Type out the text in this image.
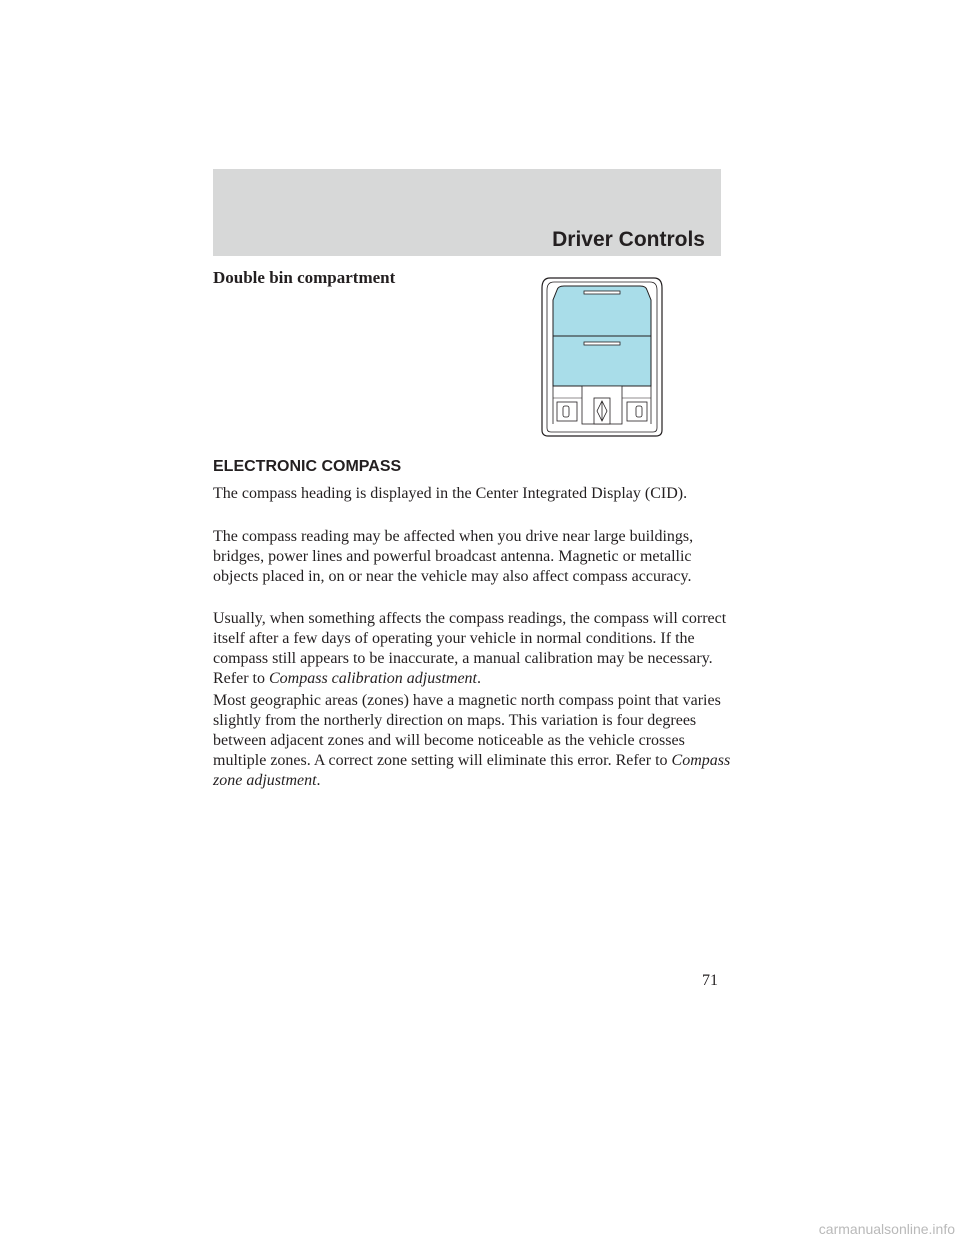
Driver Controls
Double bin compartment
ELECTRONIC COMPASS
The compass heading is displayed in the Center Integrated Display (CID).
The compass reading may be affected when you drive near large buildings, bridges, power lines and powerful broadcast antenna. Magnetic or metallic objects placed in, on or near the vehicle may also affect compass accuracy.
Usually, when something affects the compass readings, the compass will correct itself after a few days of operating your vehicle in normal conditions. If the compass still appears to be inaccurate, a manual calibration may be necessary. Refer to Compass calibration adjustment.
Most geographic areas (zones) have a magnetic north compass point that varies slightly from the northerly direction on maps. This variation is four degrees between adjacent zones and will become noticeable as the vehicle crosses multiple zones. A correct zone setting will eliminate this error. Refer to Compass zone adjustment.
71
carmanualsonline.info
